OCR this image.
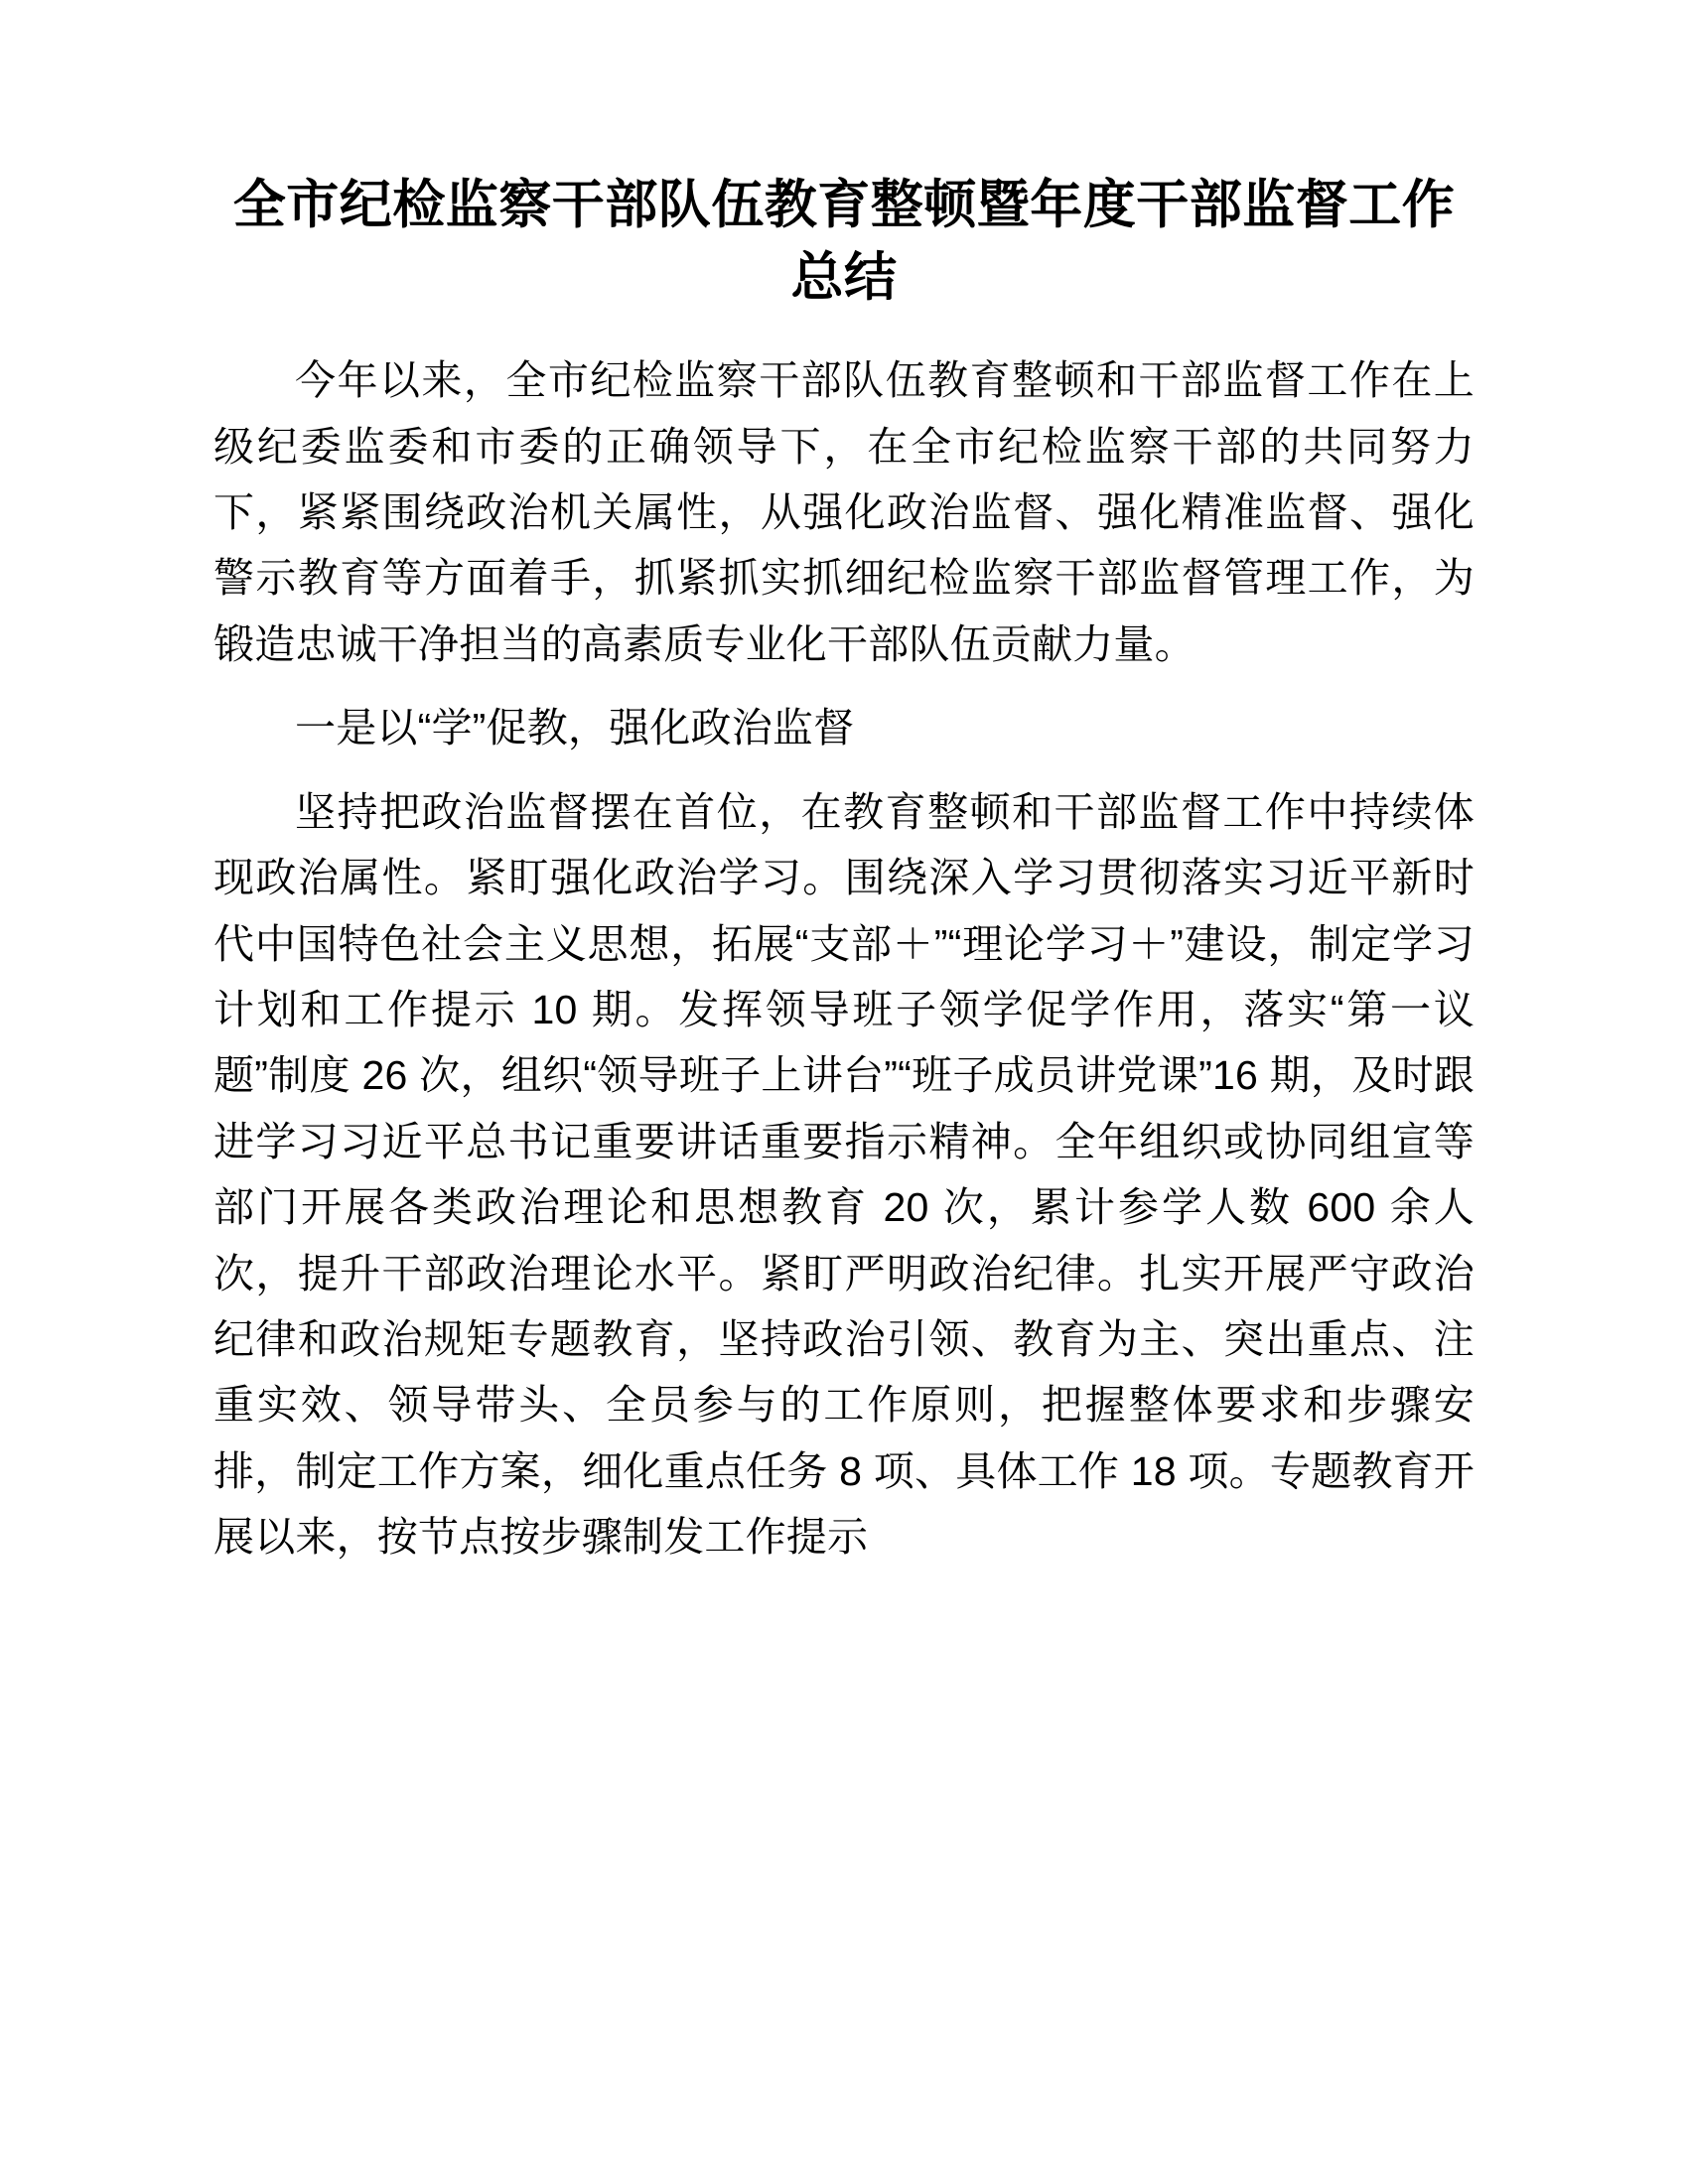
全市纪检监察干部队伍教育整顿暨年度干部监督工作总结

今年以来，全市纪检监察干部队伍教育整顿和干部监督工作在上级纪委监委和市委的正确领导下，在全市纪检监察干部的共同努力下，紧紧围绕政治机关属性，从强化政治监督、强化精准监督、强化警示教育等方面着手，抓紧抓实抓细纪检监察干部监督管理工作，为锻造忠诚干净担当的高素质专业化干部队伍贡献力量。

一是以“学”促教，强化政治监督

坚持把政治监督摆在首位，在教育整顿和干部监督工作中持续体现政治属性。紧盯强化政治学习。围绕深入学习贯彻落实习近平新时代中国特色社会主义思想，拓展“支部＋”“理论学习＋”建设，制定学习计划和工作提示 10 期。发挥领导班子领学促学作用，落实“第一议题”制度 26 次，组织“领导班子上讲台”“班子成员讲党课”16 期，及时跟进学习习近平总书记重要讲话重要指示精神。全年组织或协同组宣等部门开展各类政治理论和思想教育 20 次，累计参学人数 600 余人次，提升干部政治理论水平。紧盯严明政治纪律。扎实开展严守政治纪律和政治规矩专题教育，坚持政治引领、教育为主、突出重点、注重实效、领导带头、全员参与的工作原则，把握整体要求和步骤安排，制定工作方案，细化重点任务 8 项、具体工作 18 项。专题教育开展以来，按节点按步骤制发工作提示
